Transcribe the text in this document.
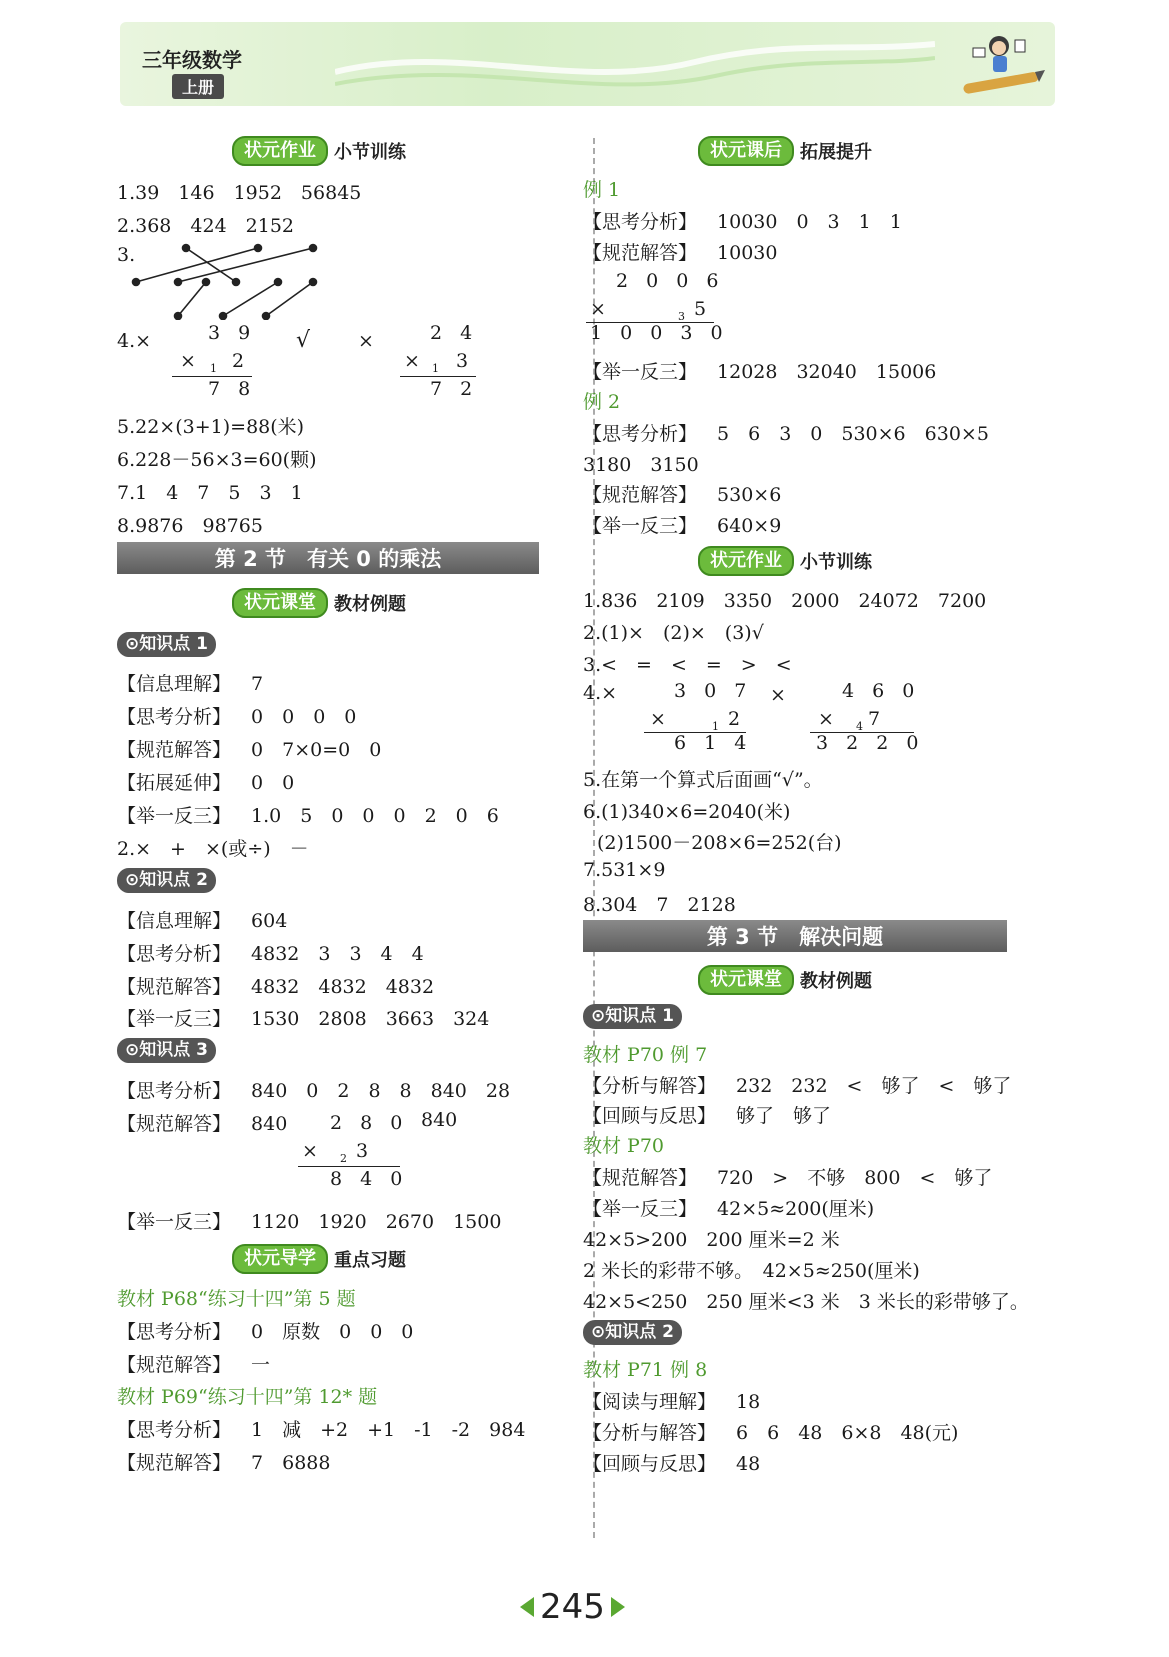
三年级数学
上册
状元作业	小节训练
1.39　146　1952　56845
2.368　424　2152
3.
4.×	3 9
× 1 2
7 8
√	×	2 4
× 1 3
7 2
5.22×(3+1)=88(米)
6.228－56×3=60(颗)
7.1　4　7　5　3　1
8.9876　98765
第 2 节　有关 0 的乘法
状元课堂	教材例题
⊙知识点 1
【信息理解】 7
【思考分析】 0　0　0　0
【规范解答】 0　7×0=0　0
【拓展延伸】 0　0
【举一反三】 1.0　5　0　0　0　2　0　6
2.×　+　×(或÷)　－
⊙知识点 2
【信息理解】 604
【思考分析】 4832　3　3　4　4
【规范解答】 4832　4832　4832
【举一反三】 1530　2808　3663　324
⊙知识点 3
【思考分析】 840　0　2　8　8　840　28
【规范解答】 840	840
2 8 0
× 2 3
8 4 0
【举一反三】 1120　1920　2670　1500
状元导学	重点习题
教材 P68“练习十四”第 5 题
【思考分析】 0　原数　0　0　0
【规范解答】 一
教材 P69“练习十四”第 12* 题
【思考分析】 1　减　+2　+1　-1　-2　984
【规范解答】 7　6888
状元课后	拓展提升
例 1
【思考分析】 10030　0　3　1　1
【规范解答】 10030
2 0 0 6
×	3 5
1 0 0 3 0
【举一反三】 12028　32040　15006
例 2
【思考分析】 5　6　3　0　530×6　630×5
3180　3150
【规范解答】 530×6
【举一反三】 640×9
状元作业	小节训练
1.836　2109　3350　2000　24072　7200
2.(1)×　(2)×　(3)√
3.<　=　<　=　>　<
4.×	3 0 7
×	1 2
6 1 4
×	4 6 0
× 4 7
3 2 2 0
5.在第一个算式后面画“√”。
6.(1)340×6=2040(米)
(2)1500－208×6=252(台)
7.531×9
8.304　7　2128
第 3 节　解决问题
状元课堂	教材例题
⊙知识点 1
教材 P70 例 7
【分析与解答】 232　232　<　够了　<　够了
【回顾与反思】 够了　够了
教材 P70
【规范解答】 720　>　不够　800　<　够了
【举一反三】 42×5≈200(厘米)
42×5>200　200 厘米=2 米
2 米长的彩带不够。　42×5≈250(厘米)
42×5<250　250 厘米<3 米　3 米长的彩带够了。
⊙知识点 2
教材 P71 例 8
【阅读与理解】 18
【分析与解答】 6　6　48　6×8　48(元)
【回顾与反思】 48
245
